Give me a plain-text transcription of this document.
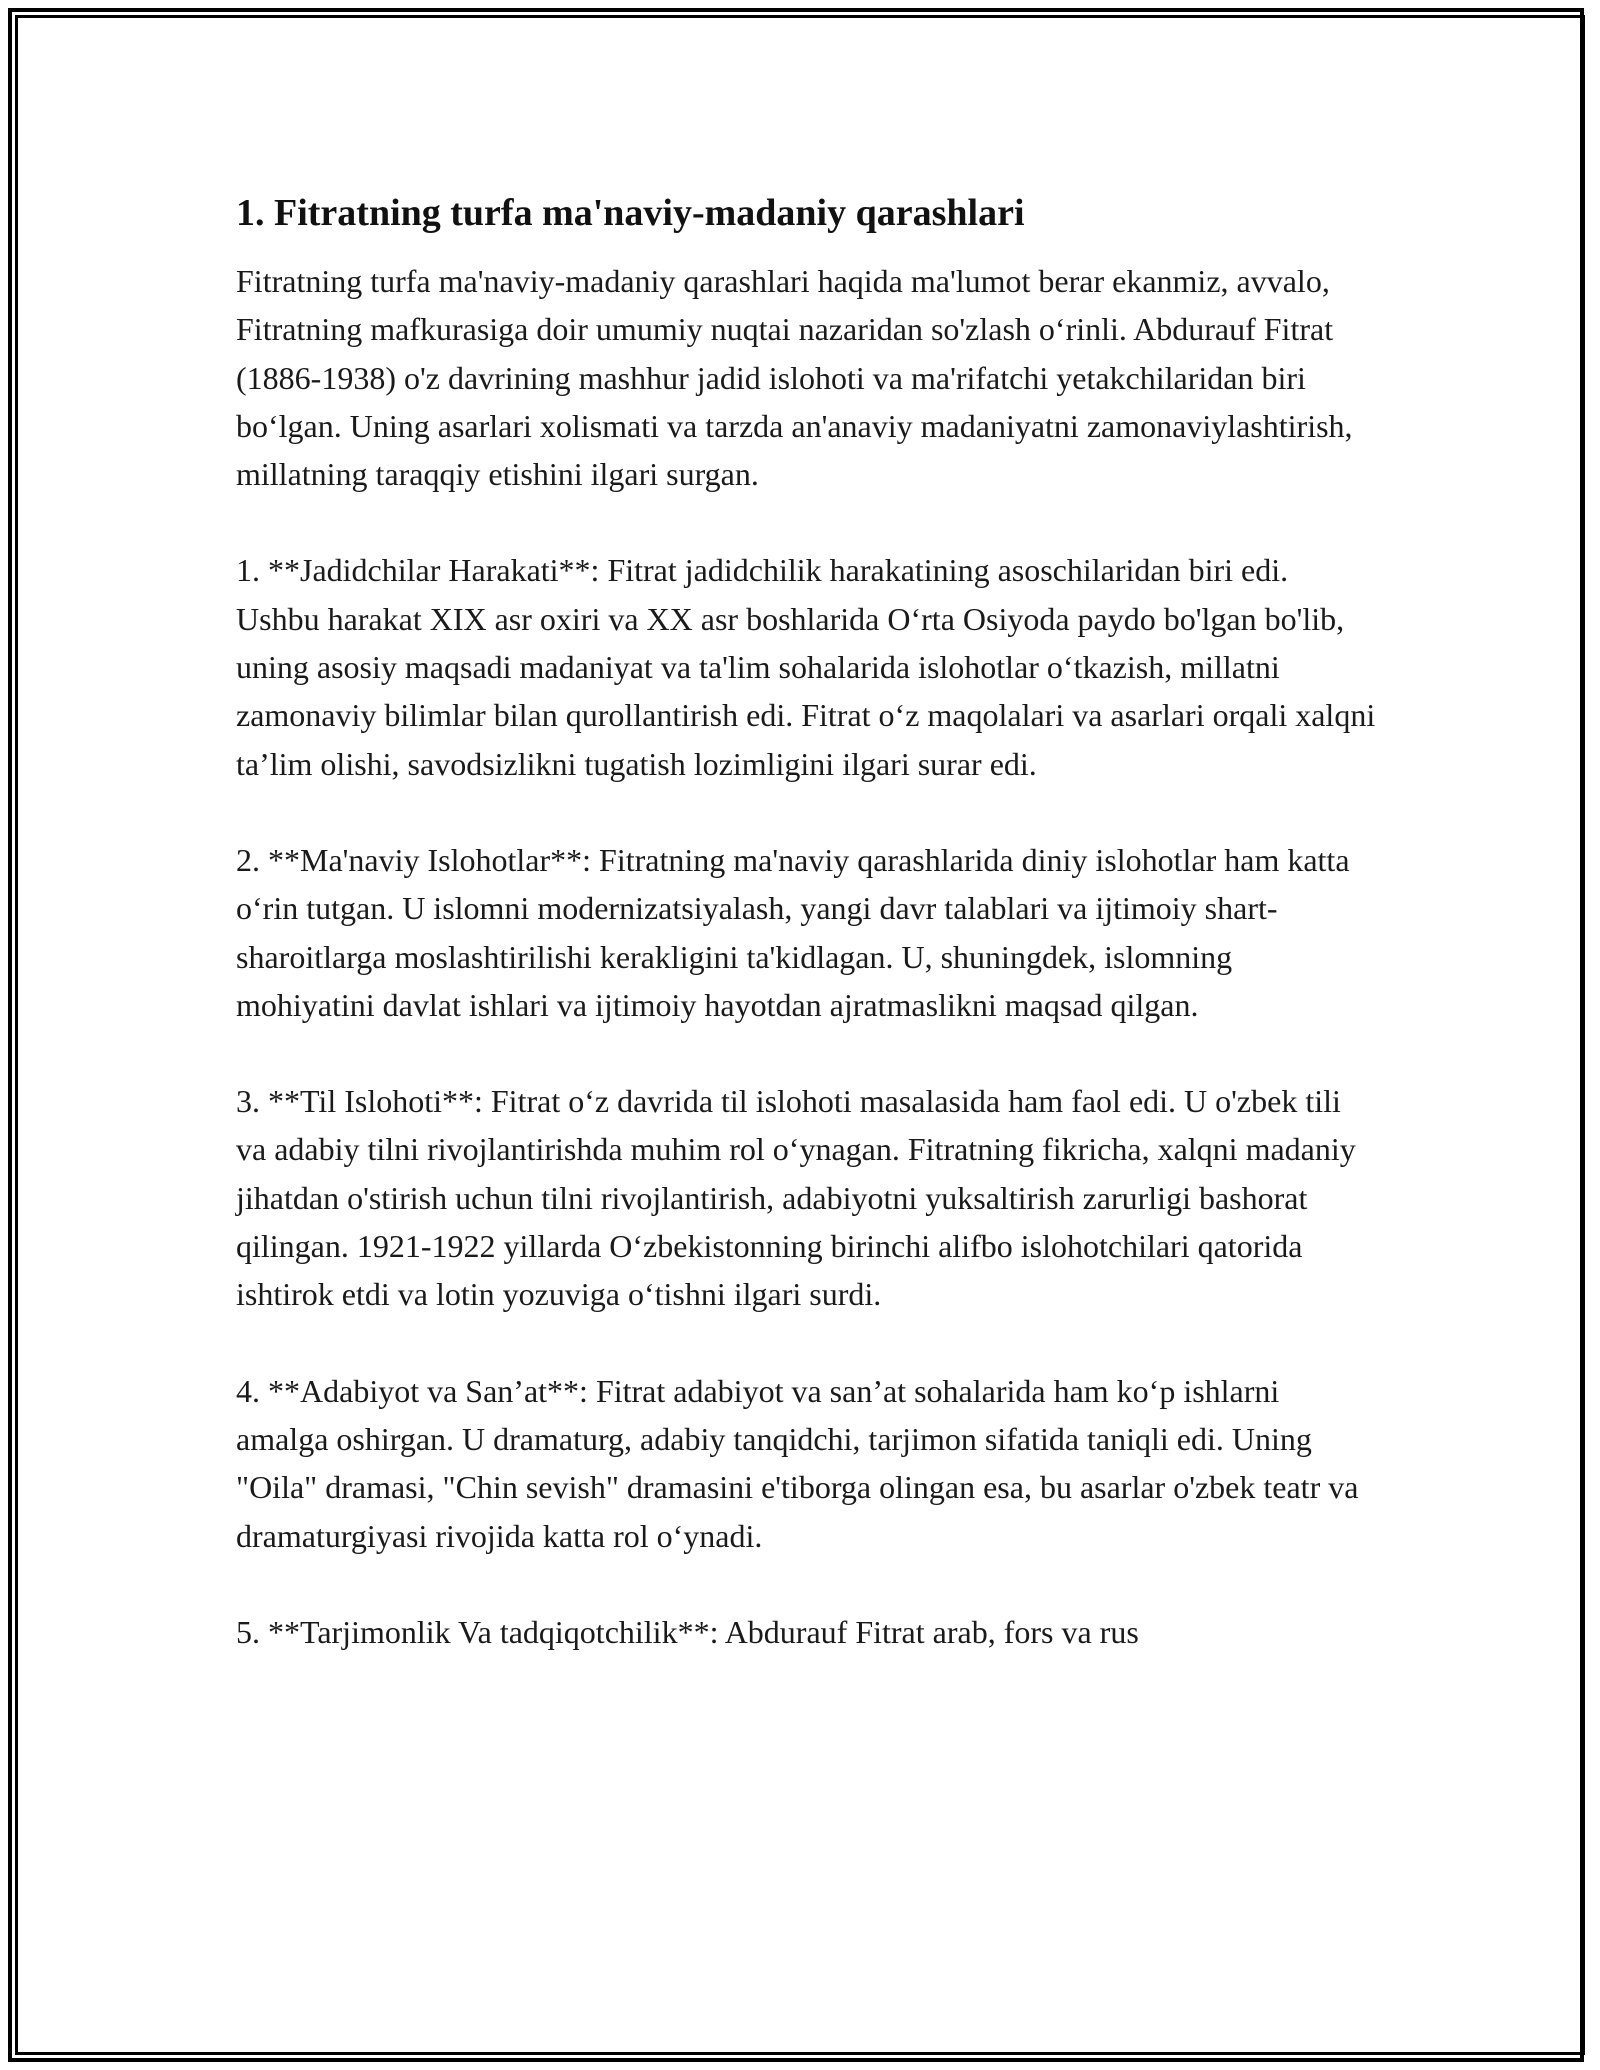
1. Fitratning turfa ma'naviy-madaniy qarashlari

Fitratning turfa ma'naviy-madaniy qarashlari haqida ma'lumot berar ekanmiz, avvalo, Fitratning mafkurasiga doir umumiy nuqtai nazaridan so'zlash o‘rinli. Abdurauf Fitrat (1886-1938) o'z davrining mashhur jadid islohoti va ma'rifatchi yetakchilaridan biri bo‘lgan. Uning asarlari xolismati va tarzda an'anaviy madaniyatni zamonaviylashtirish, millatning taraqqiy etishini ilgari surgan.

1. **Jadidchilar Harakati**: Fitrat jadidchilik harakatining asoschilaridan biri edi. Ushbu harakat XIX asr oxiri va XX asr boshlarida O‘rta Osiyoda paydo bo'lgan bo'lib, uning asosiy maqsadi madaniyat va ta'lim sohalarida islohotlar o‘tkazish, millatni zamonaviy bilimlar bilan qurollantirish edi. Fitrat o‘z maqolalari va asarlari orqali xalqni ta’lim olishi, savodsizlikni tugatish lozimligini ilgari surar edi.

2. **Ma'naviy Islohotlar**: Fitratning ma'naviy qarashlarida diniy islohotlar ham katta o‘rin tutgan. U islomni modernizatsiyalash, yangi davr talablari va ijtimoiy shart-sharoitlarga moslashtirilishi kerakligini ta'kidlagan. U, shuningdek, islomning mohiyatini davlat ishlari va ijtimoiy hayotdan ajratmaslikni maqsad qilgan.

3. **Til Islohoti**: Fitrat o‘z davrida til islohoti masalasida ham faol edi. U o'zbek tili va adabiy tilni rivojlantirishda muhim rol o‘ynagan. Fitratning fikricha, xalqni madaniy jihatdan o'stirish uchun tilni rivojlantirish, adabiyotni yuksaltirish zarurligi bashorat qilingan. 1921-1922 yillarda O‘zbekistonning birinchi alifbo islohotchilari qatorida ishtirok etdi va lotin yozuviga o‘tishni ilgari surdi.

4. **Adabiyot va San’at**: Fitrat adabiyot va san’at sohalarida ham ko‘p ishlarni amalga oshirgan. U dramaturg, adabiy tanqidchi, tarjimon sifatida taniqli edi. Uning "Oila" dramasi, "Chin sevish" dramasini e'tiborga olingan esa, bu asarlar o'zbek teatr va dramaturgiyasi rivojida katta rol o‘ynadi.

5. **Tarjimonlik Va tadqiqotchilik**: Abdurauf Fitrat arab, fors va rus
